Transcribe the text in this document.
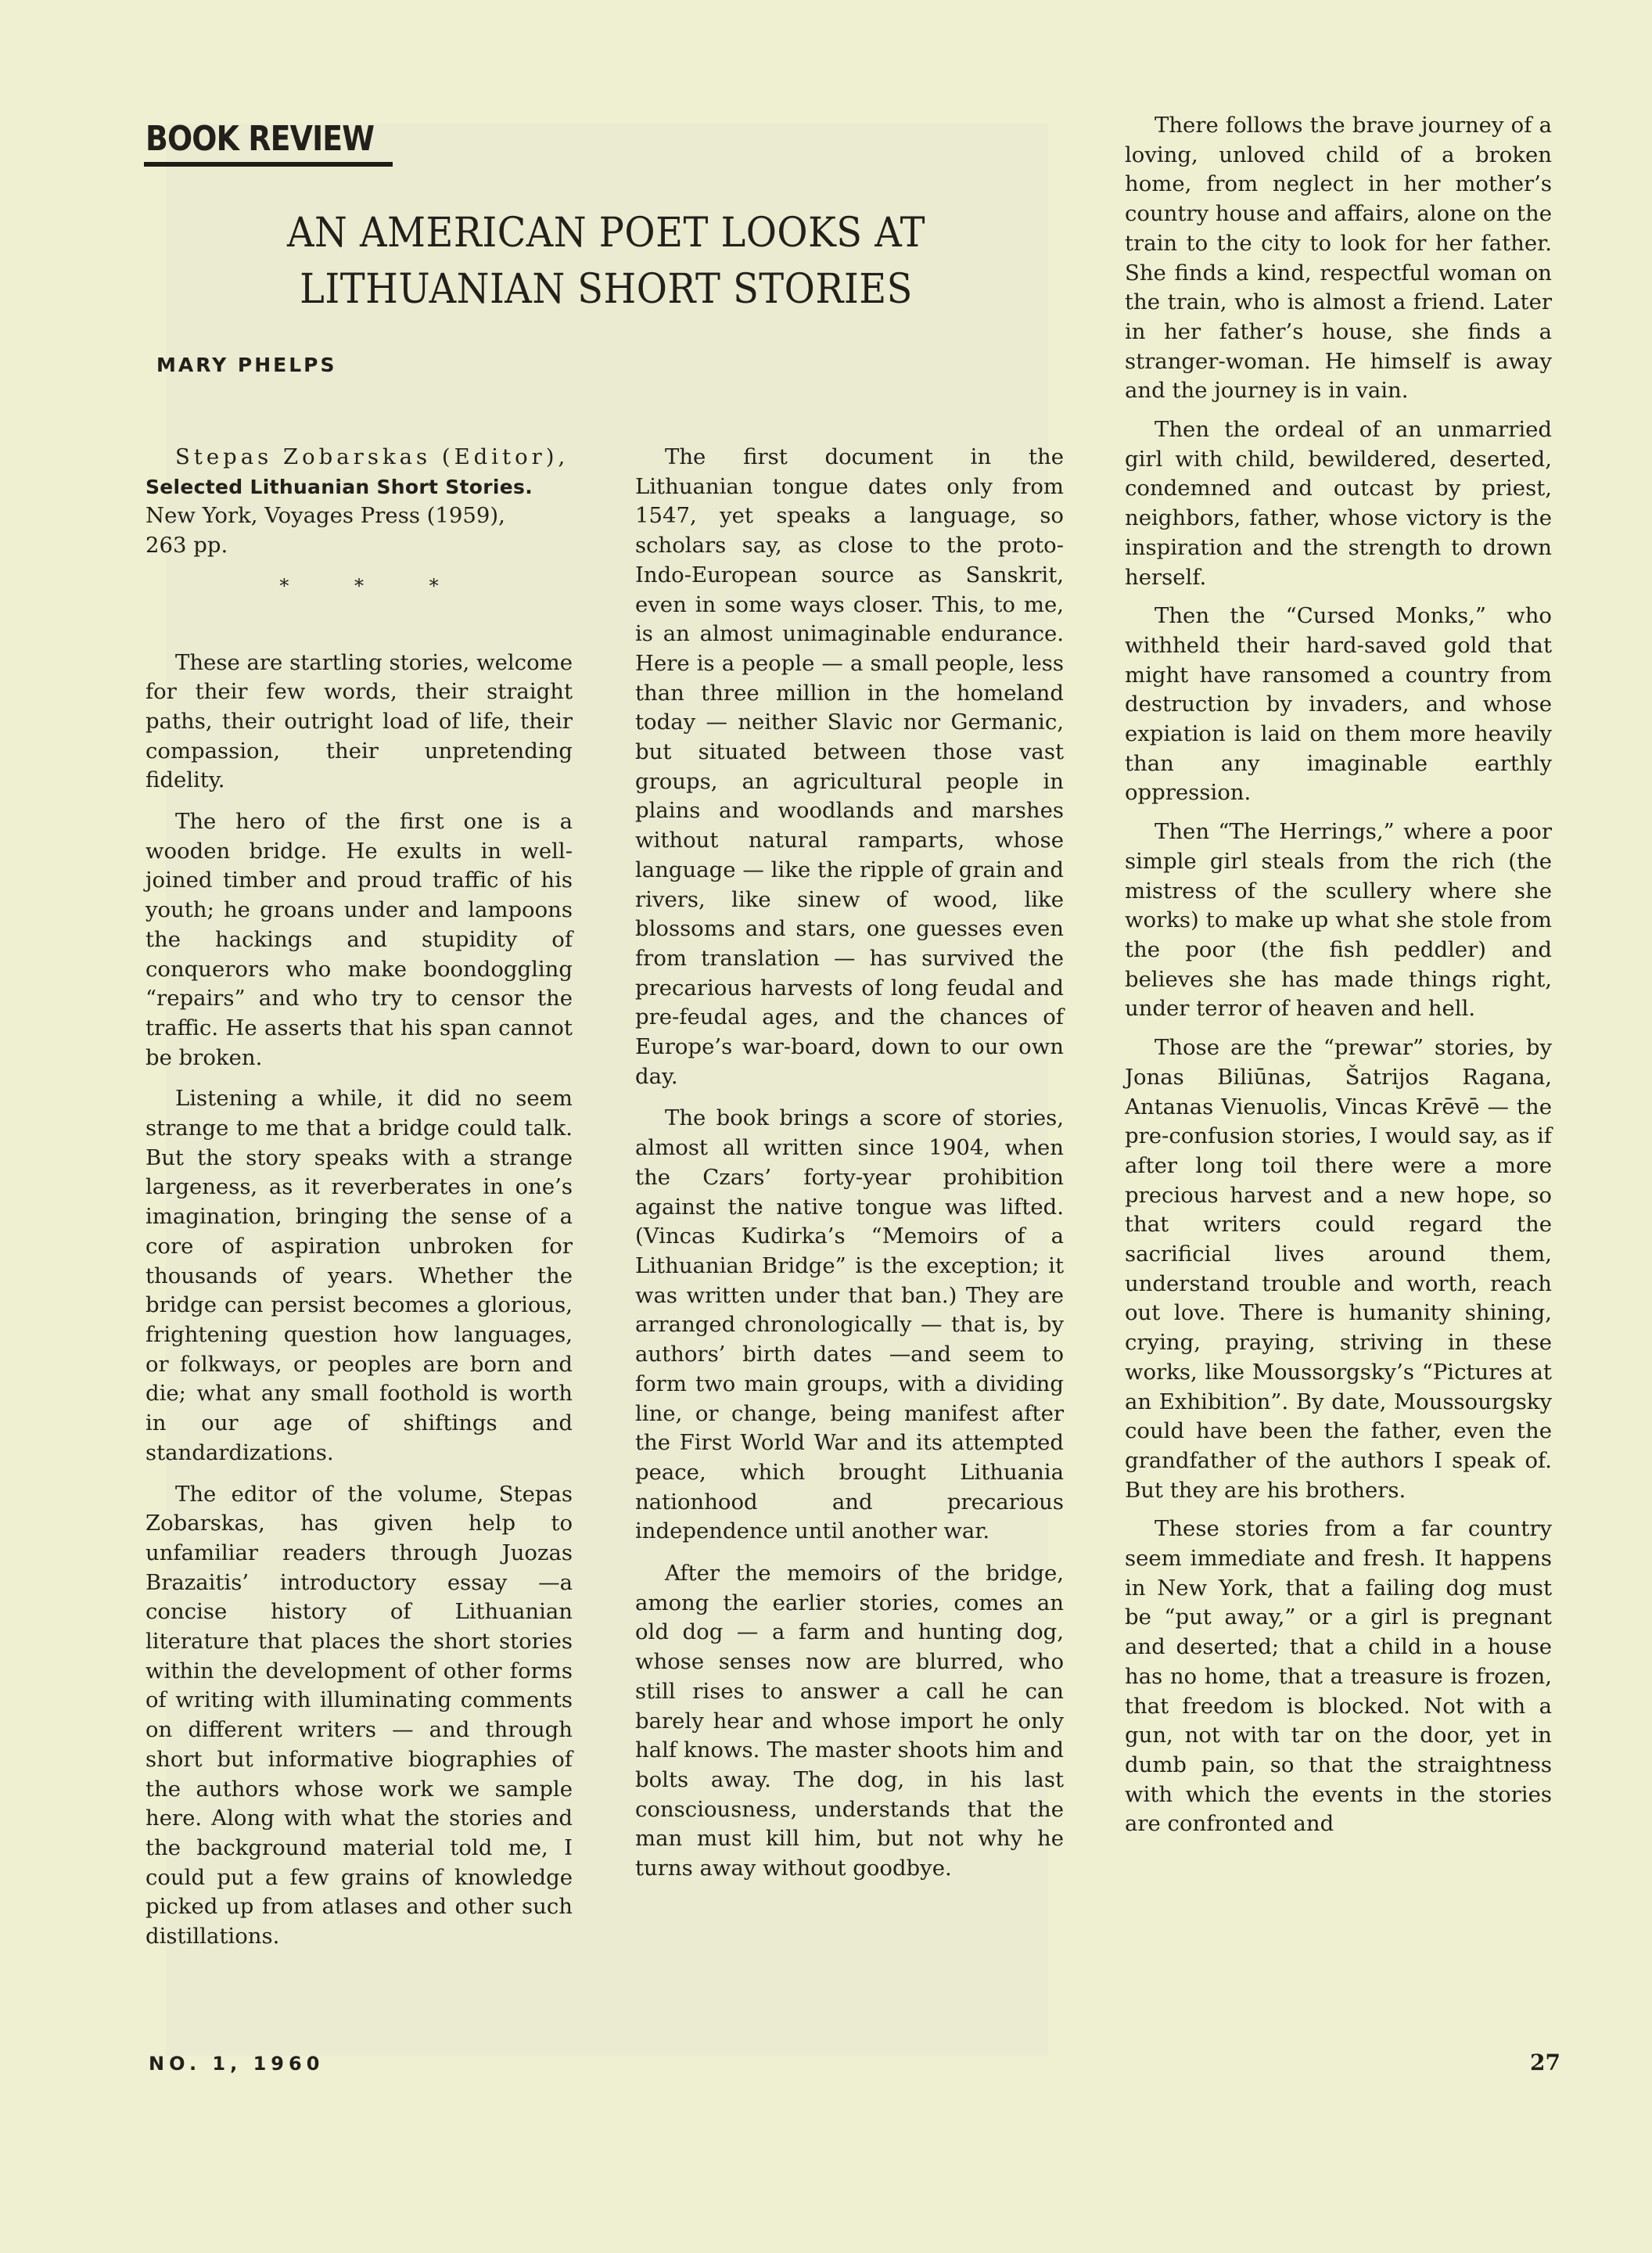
BOOK REVIEW
AN AMERICAN POET LOOKS AT
LITHUANIAN SHORT STORIES
MARY PHELPS
Stepas Zobarskas (Editor),
Selected Lithuanian Short Stories.
New York, Voyages Press (1959),
263 pp.
* * *

These are startling stories, welcome for their few words, their straight paths, their outright load of life, their compassion, their unpretending fidelity.

The hero of the first one is a wooden bridge. He exults in well-joined timber and proud traffic of his youth; he groans under and lampoons the hackings and stupidity of conquerors who make boondoggling “repairs” and who try to censor the traffic. He asserts that his span cannot be broken.

Listening a while, it did no seem strange to me that a bridge could talk. But the story speaks with a strange largeness, as it reverberates in one’s imagination, bringing the sense of a core of aspiration unbroken for thousands of years. Whether the bridge can persist becomes a glorious, frightening question how languages, or folkways, or peoples are born and die; what any small foothold is worth in our age of shiftings and standardizations.

The editor of the volume, Stepas Zobarskas, has given help to unfamiliar readers through Juozas Brazaitis’ introductory essay —a concise history of Lithuanian literature that places the short stories within the development of other forms of writing with illuminating comments on different writers — and through short but informative biographies of the authors whose work we sample here. Along with what the stories and the background material told me, I could put a few grains of knowledge picked up from atlases and other such distillations.

The first document in the Lithuanian tongue dates only from 1547, yet speaks a language, so scholars say, as close to the proto-Indo-European source as Sanskrit, even in some ways closer. This, to me, is an almost unimaginable endurance. Here is a people — a small people, less than three million in the homeland today — neither Slavic nor Germanic, but situated between those vast groups, an agricultural people in plains and woodlands and marshes without natural ramparts, whose language — like the ripple of grain and rivers, like sinew of wood, like blossoms and stars, one guesses even from translation — has survived the precarious harvests of long feudal and pre-feudal ages, and the chances of Europe’s war-board, down to our own day.

The book brings a score of stories, almost all written since 1904, when the Czars’ forty-year prohibition against the native tongue was lifted. (Vincas Kudirka’s “Memoirs of a Lithuanian Bridge” is the exception; it was written under that ban.) They are arranged chronologically — that is, by authors’ birth dates —and seem to form two main groups, with a dividing line, or change, being manifest after the First World War and its attempted peace, which brought Lithuania nationhood and precarious independence until another war.

After the memoirs of the bridge, among the earlier stories, comes an old dog — a farm and hunting dog, whose senses now are blurred, who still rises to answer a call he can barely hear and whose import he only half knows. The master shoots him and bolts away. The dog, in his last consciousness, understands that the man must kill him, but not why he turns away without goodbye.

There follows the brave journey of a loving, unloved child of a broken home, from neglect in her mother’s country house and affairs, alone on the train to the city to look for her father. She finds a kind, respectful woman on the train, who is almost a friend. Later in her father’s house, she finds a stranger-woman. He himself is away and the journey is in vain.

Then the ordeal of an unmarried girl with child, bewildered, deserted, condemned and outcast by priest, neighbors, father, whose victory is the inspiration and the strength to drown herself.

Then the “Cursed Monks,” who withheld their hard-saved gold that might have ransomed a country from destruction by invaders, and whose expiation is laid on them more heavily than any imaginable earthly oppression.

Then “The Herrings,” where a poor simple girl steals from the rich (the mistress of the scullery where she works) to make up what she stole from the poor (the fish peddler) and believes she has made things right, under terror of heaven and hell.

Those are the “prewar” stories, by Jonas Biliūnas, Šatrijos Ragana, Antanas Vienuolis, Vincas Krēvē — the pre-confusion stories, I would say, as if after long toil there were a more precious harvest and a new hope, so that writers could regard the sacrificial lives around them, understand trouble and worth, reach out love. There is humanity shining, crying, praying, striving in these works, like Moussorgsky’s “Pictures at an Exhibition”. By date, Moussourgsky could have been the father, even the grandfather of the authors I speak of. But they are his brothers.

These stories from a far country seem immediate and fresh. It happens in New York, that a failing dog must be “put away,” or a girl is pregnant and deserted; that a child in a house has no home, that a treasure is frozen, that freedom is blocked. Not with a gun, not with tar on the door, yet in dumb pain, so that the straightness with which the events in the stories are confronted and

NO. 1, 1960	27
